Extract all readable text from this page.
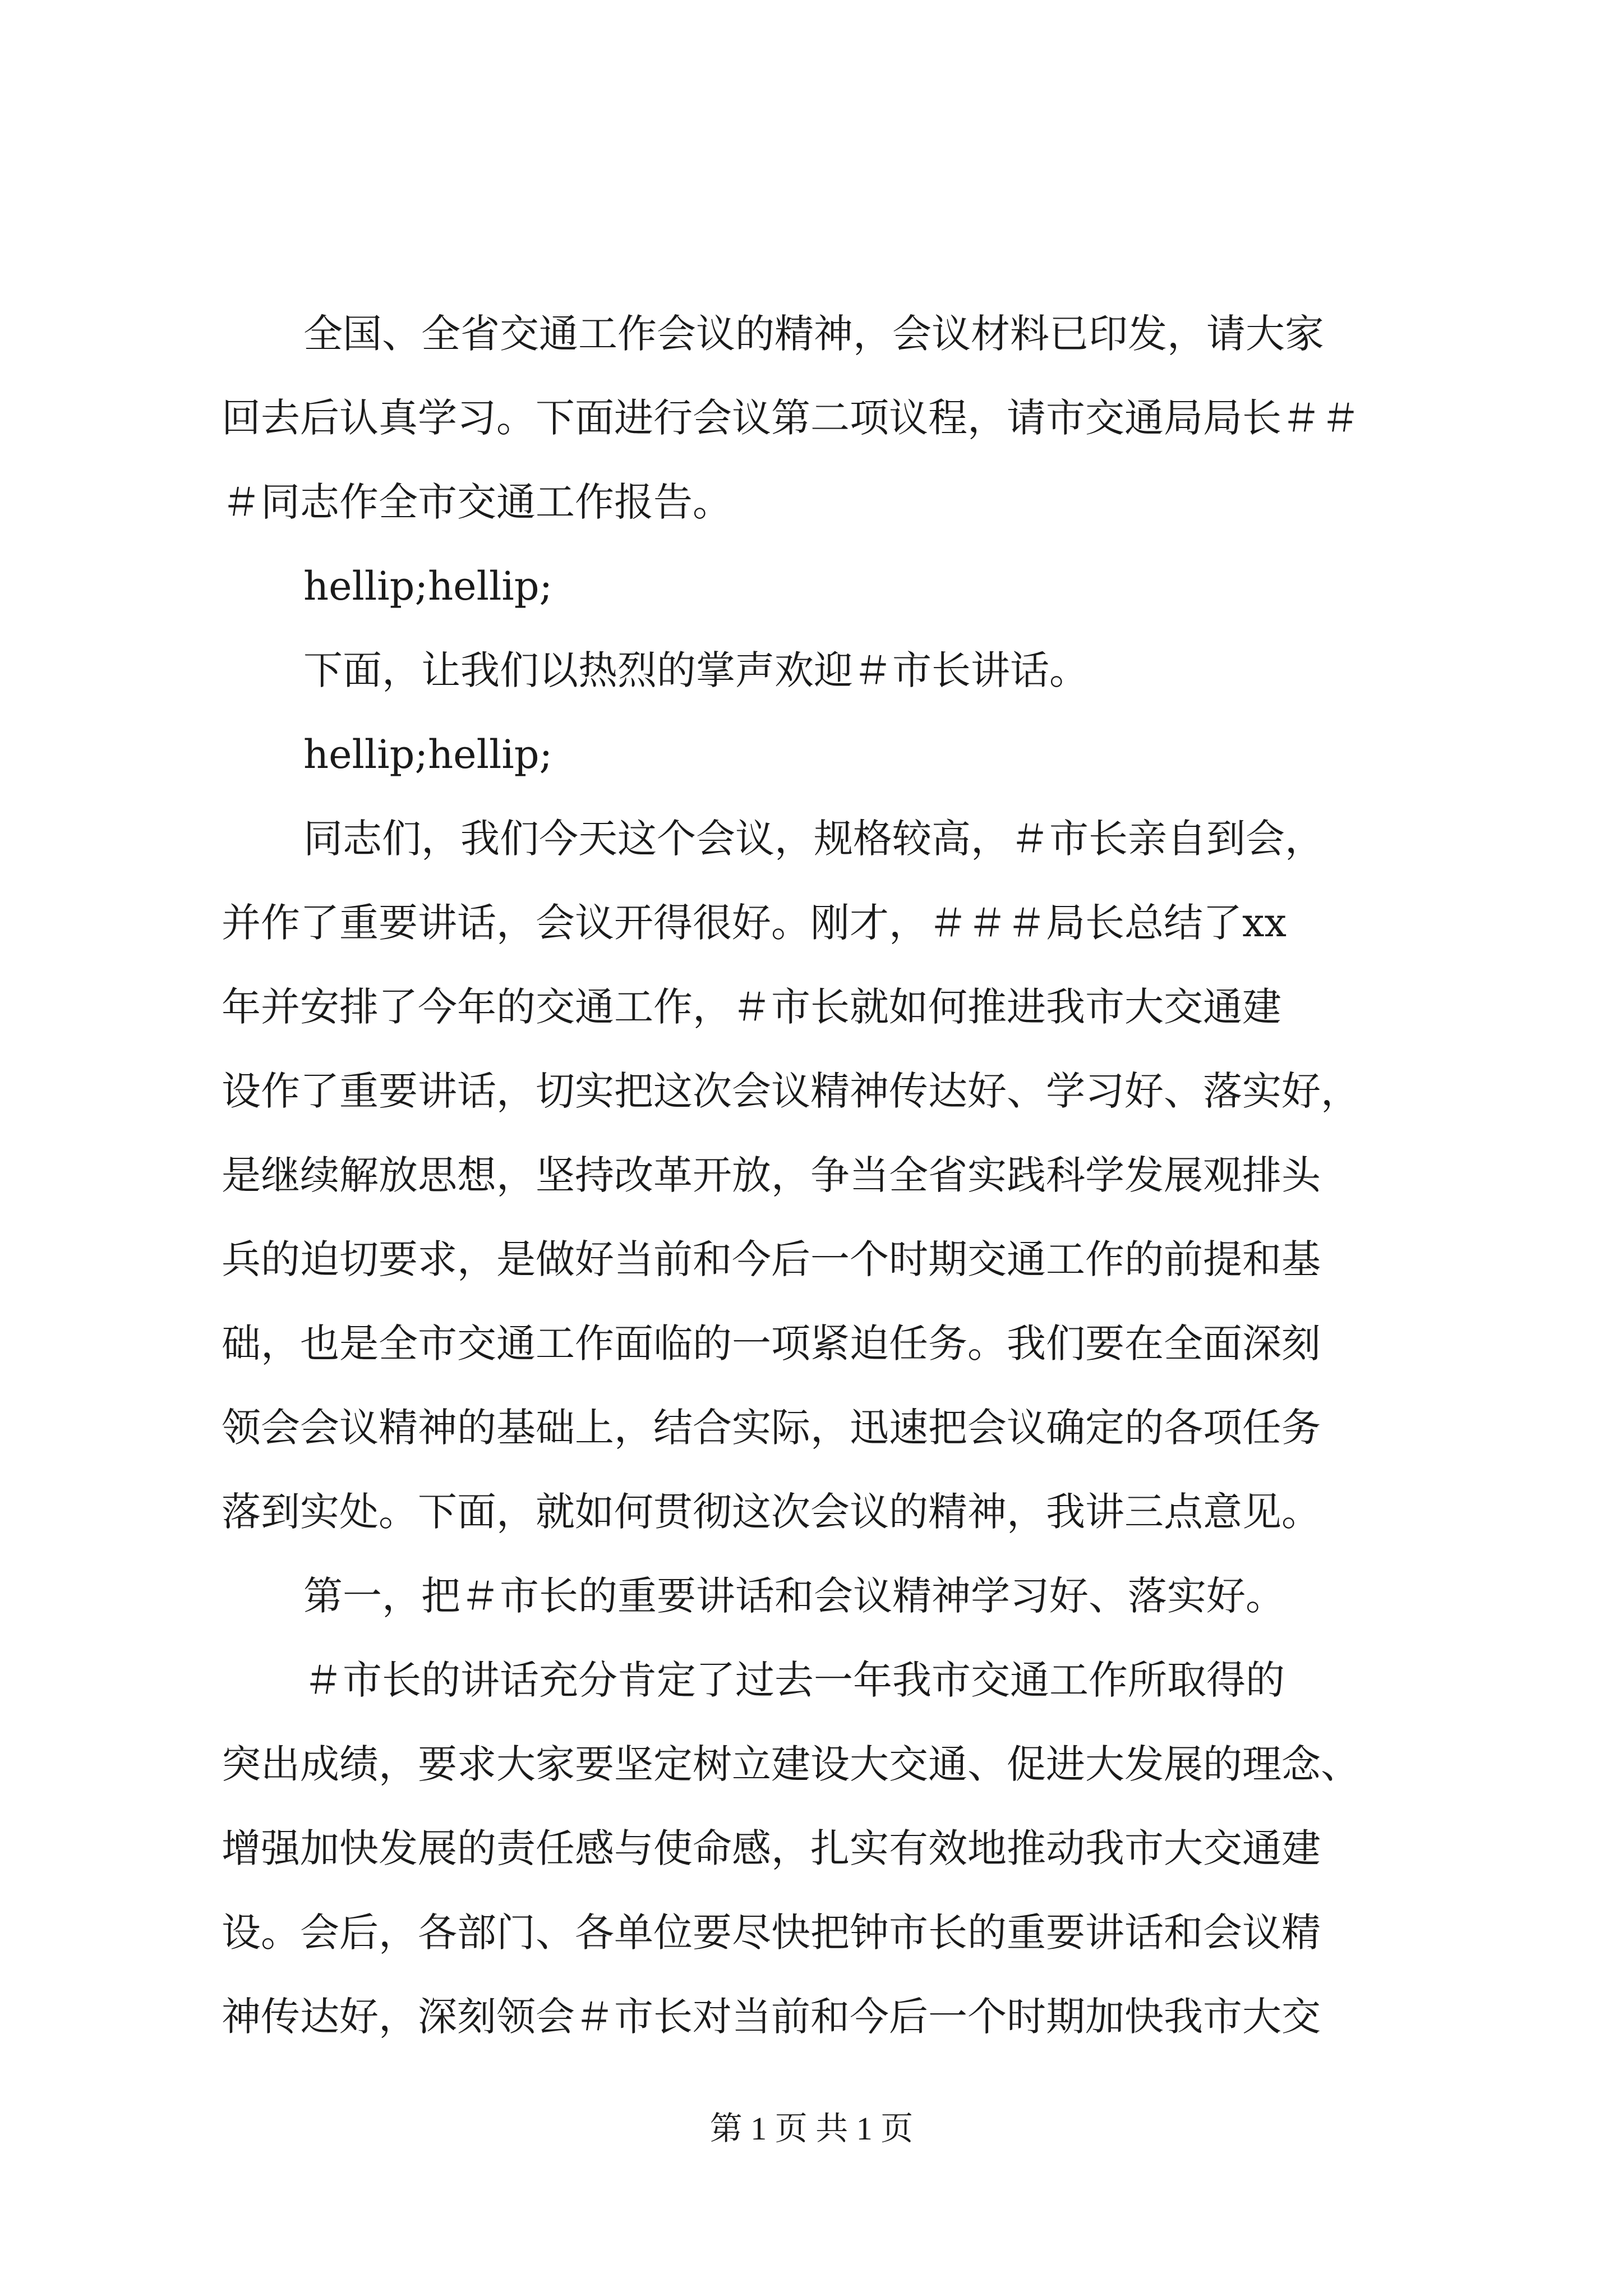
全国、全省交通工作会议的精神，会议材料已印发，请大家
回去后认真学习。下面进行会议第二项议程，请市交通局局长＃＃
＃同志作全市交通工作报告。
hellip;hellip;
下面，让我们以热烈的掌声欢迎＃市长讲话。
hellip;hellip;
同志们，我们今天这个会议，规格较高，＃市长亲自到会，
并作了重要讲话，会议开得很好。刚才，＃＃＃局长总结了xx
年并安排了今年的交通工作，＃市长就如何推进我市大交通建
设作了重要讲话，切实把这次会议精神传达好、学习好、落实好，
是继续解放思想，坚持改革开放，争当全省实践科学发展观排头
兵的迫切要求，是做好当前和今后一个时期交通工作的前提和基
础，也是全市交通工作面临的一项紧迫任务。我们要在全面深刻
领会会议精神的基础上，结合实际，迅速把会议确定的各项任务
落到实处。下面，就如何贯彻这次会议的精神，我讲三点意见。
第一，把＃市长的重要讲话和会议精神学习好、落实好。
＃市长的讲话充分肯定了过去一年我市交通工作所取得的
突出成绩，要求大家要坚定树立建设大交通、促进大发展的理念、
增强加快发展的责任感与使命感，扎实有效地推动我市大交通建
设。会后，各部门、各单位要尽快把钟市长的重要讲话和会议精
神传达好，深刻领会＃市长对当前和今后一个时期加快我市大交
第 1 页 共 1 页
